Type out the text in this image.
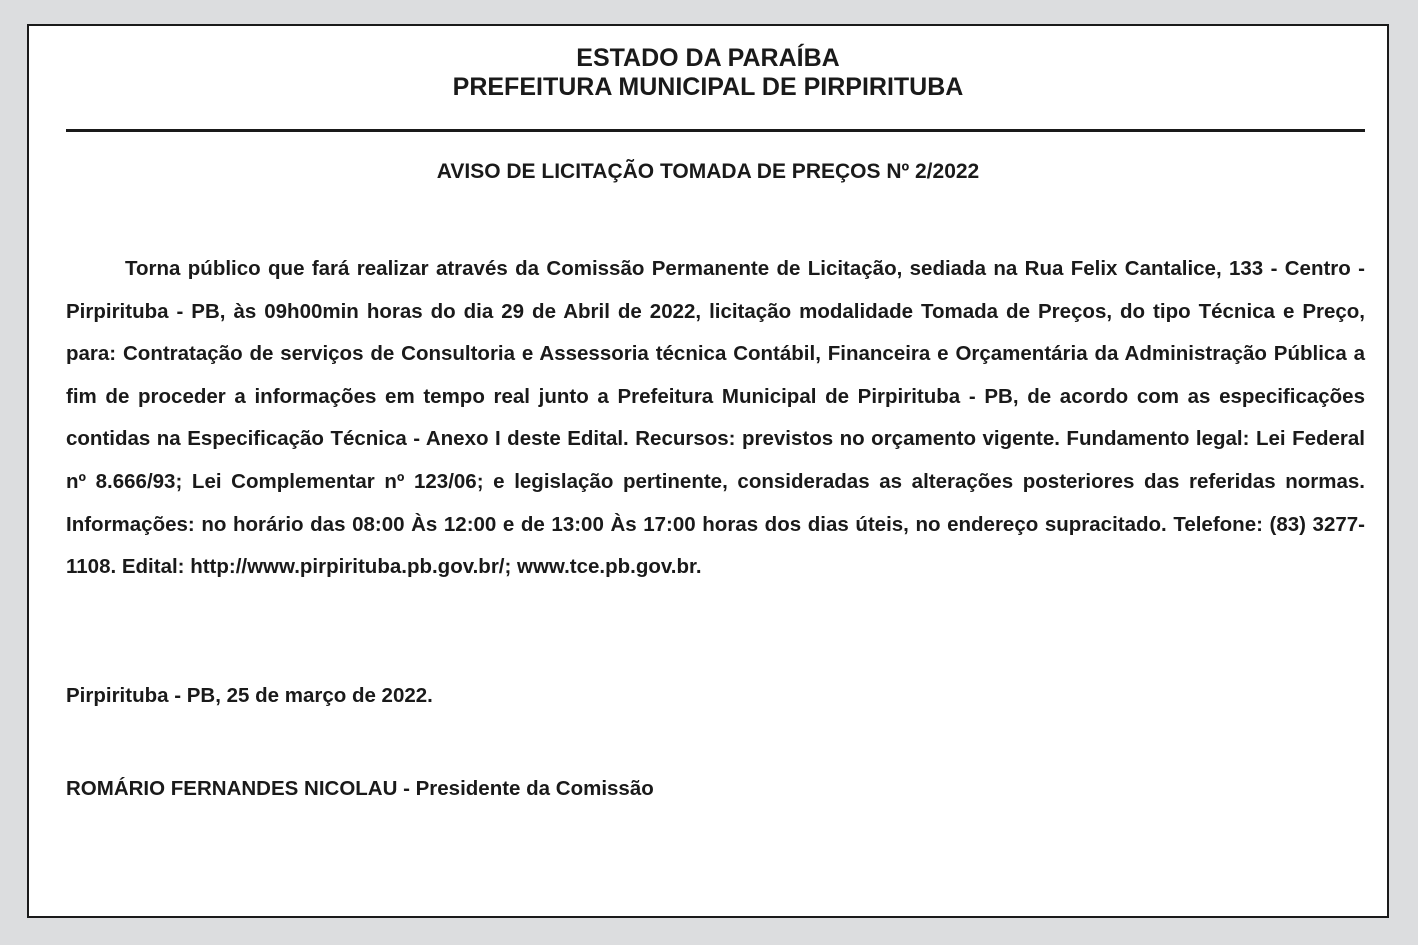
ESTADO DA PARAÍBA
PREFEITURA MUNICIPAL DE PIRPIRITUBA
AVISO DE LICITAÇÃO TOMADA DE PREÇOS Nº 2/2022

Torna público que fará realizar através da Comissão Permanente de Licitação, sediada na Rua Felix Cantalice, 133 - Centro - Pirpirituba - PB, às 09h00min horas do dia 29 de Abril de 2022, licitação modalidade Tomada de Preços, do tipo Técnica e Preço, para: Contratação de serviços de Consultoria e Assessoria técnica Contábil, Financeira e Orçamentária da Administração Pública a fim de proceder a informações em tempo real junto a Prefeitura Municipal de Pirpirituba - PB, de acordo com as especificações contidas na Especificação Técnica - Anexo I deste Edital. Recursos: previstos no orçamento vigente. Fundamento legal: Lei Federal nº 8.666/93; Lei Complementar nº 123/06; e legislação pertinente, consideradas as alterações posteriores das referidas normas. Informações: no horário das 08:00 Às 12:00 e de 13:00 Às 17:00 horas dos dias úteis, no endereço supracitado. Telefone: (83) 3277-1108. Edital: http://www.pirpirituba.pb.gov.br/; www.tce.pb.gov.br.

Pirpirituba - PB, 25 de março de 2022.

ROMÁRIO FERNANDES NICOLAU - Presidente da Comissão
